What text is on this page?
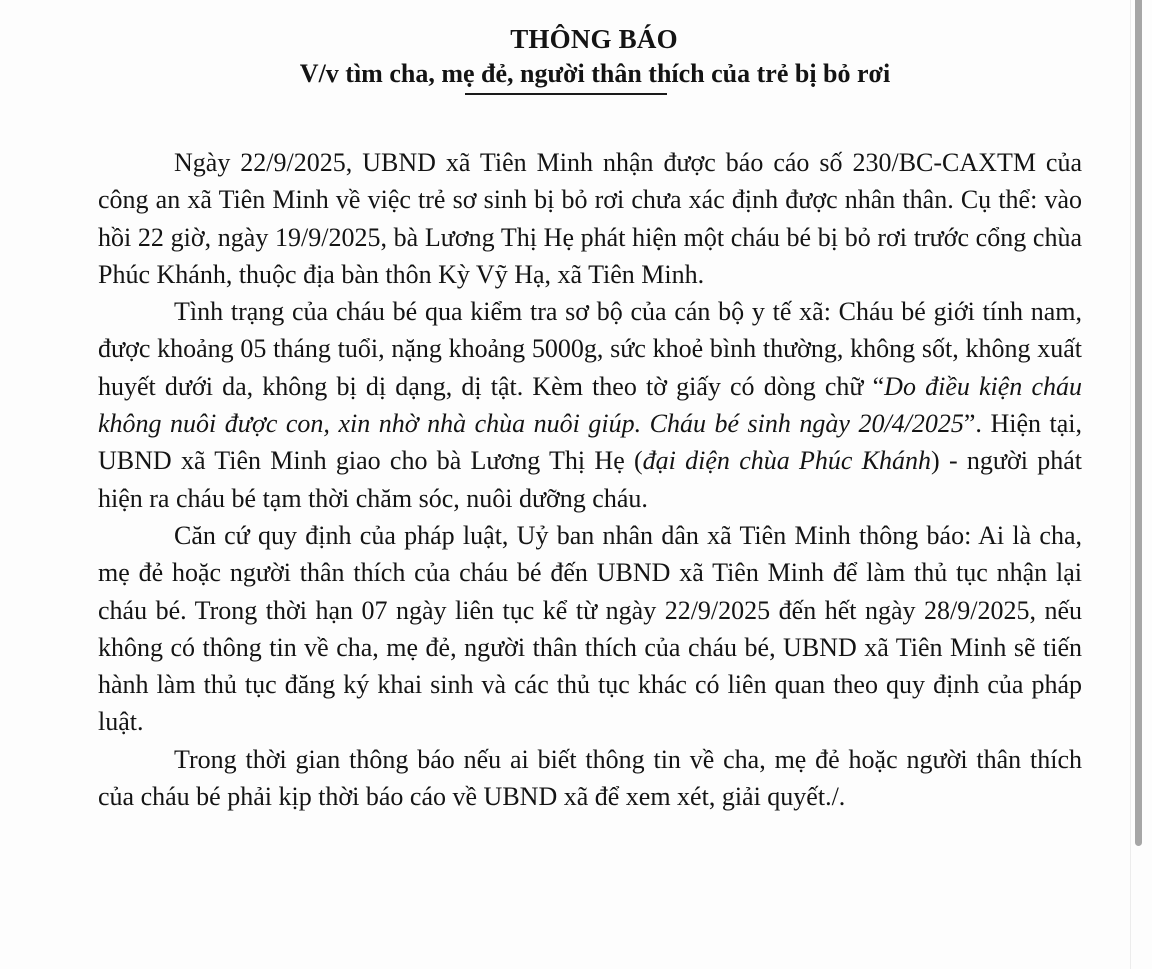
THÔNG BÁO
V/v tìm cha, mẹ đẻ, người thân thích của trẻ bị bỏ rơi

Ngày 22/9/2025, UBND xã Tiên Minh nhận được báo cáo số 230/BC-CAXTM của công an xã Tiên Minh về việc trẻ sơ sinh bị bỏ rơi chưa xác định được nhân thân. Cụ thể: vào hồi 22 giờ, ngày 19/9/2025, bà Lương Thị Hẹ phát hiện một cháu bé bị bỏ rơi trước cổng chùa Phúc Khánh, thuộc địa bàn thôn Kỳ Vỹ Hạ, xã Tiên Minh.

Tình trạng của cháu bé qua kiểm tra sơ bộ của cán bộ y tế xã: Cháu bé giới tính nam, được khoảng 05 tháng tuổi, nặng khoảng 5000g, sức khoẻ bình thường, không sốt, không xuất huyết dưới da, không bị dị dạng, dị tật. Kèm theo tờ giấy có dòng chữ “Do điều kiện cháu không nuôi được con, xin nhờ nhà chùa nuôi giúp. Cháu bé sinh ngày 20/4/2025”. Hiện tại, UBND xã Tiên Minh giao cho bà Lương Thị Hẹ (đại diện chùa Phúc Khánh) - người phát hiện ra cháu bé tạm thời chăm sóc, nuôi dưỡng cháu.

Căn cứ quy định của pháp luật, Uỷ ban nhân dân xã Tiên Minh thông báo: Ai là cha, mẹ đẻ hoặc người thân thích của cháu bé đến UBND xã Tiên Minh để làm thủ tục nhận lại cháu bé. Trong thời hạn 07 ngày liên tục kể từ ngày 22/9/2025 đến hết ngày 28/9/2025, nếu không có thông tin về cha, mẹ đẻ, người thân thích của cháu bé, UBND xã Tiên Minh sẽ tiến hành làm thủ tục đăng ký khai sinh và các thủ tục khác có liên quan theo quy định của pháp luật.

Trong thời gian thông báo nếu ai biết thông tin về cha, mẹ đẻ hoặc người thân thích của cháu bé phải kịp thời báo cáo về UBND xã để xem xét, giải quyết./.
